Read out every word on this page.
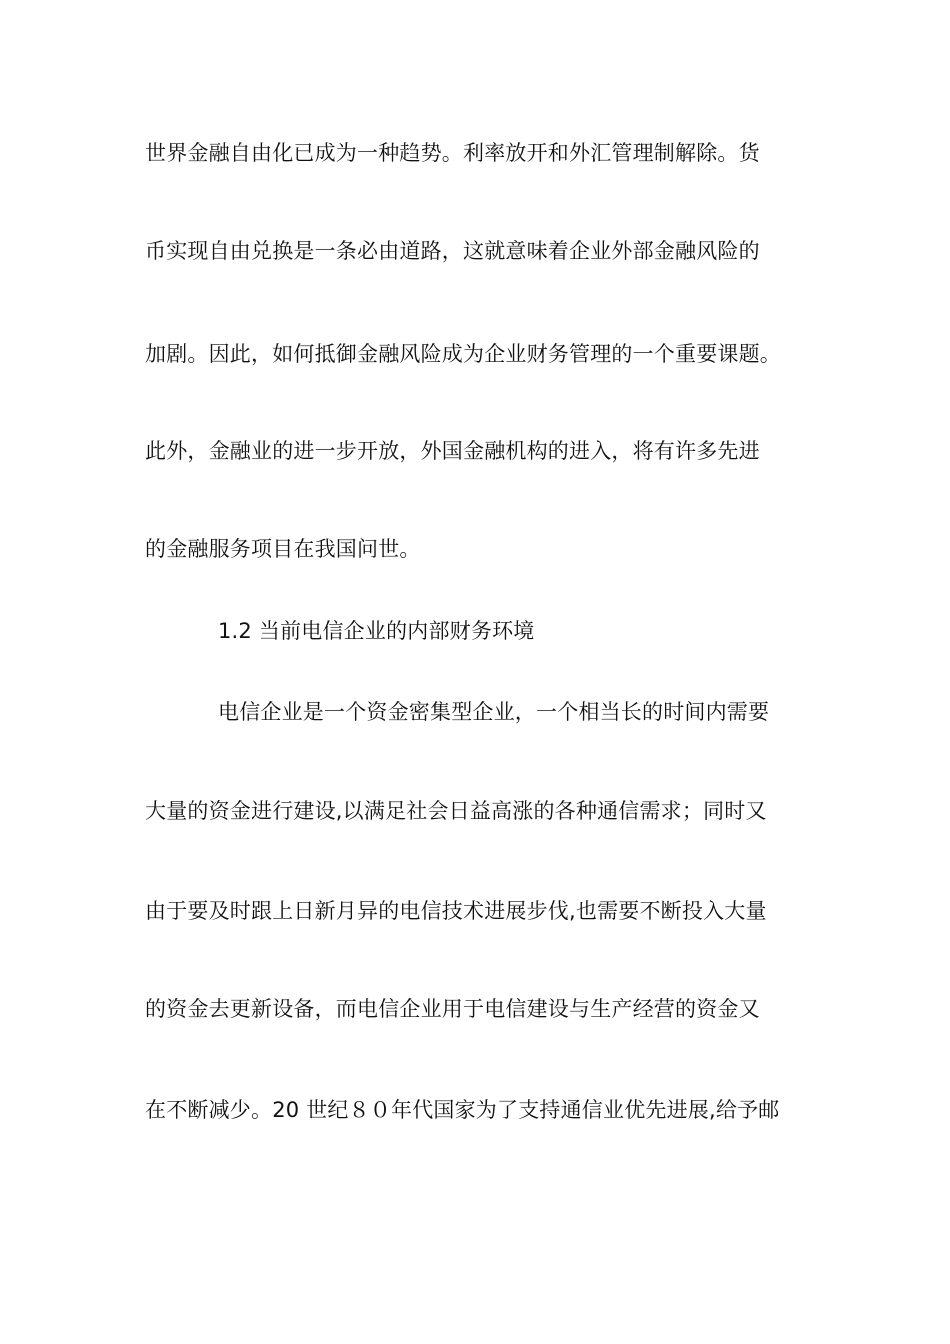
世界金融自由化已成为一种趋势。利率放开和外汇管理制解除。货
币实现自由兑换是一条必由道路，这就意味着企业外部金融风险的
加剧。因此，如何抵御金融风险成为企业财务管理的一个重要课题。
此外，金融业的进一步开放，外国金融机构的进入，将有许多先进
的金融服务项目在我国问世。
1.2 当前电信企业的内部财务环境
电信企业是一个资金密集型企业，一个相当长的时间内需要
大量的资金进行建设,以满足社会日益高涨的各种通信需求；同时又
由于要及时跟上日新月异的电信技术进展步伐,也需要不断投入大量
的资金去更新设备，而电信企业用于电信建设与生产经营的资金又
在不断减少。20 世纪８０年代国家为了支持通信业优先进展,给予邮
